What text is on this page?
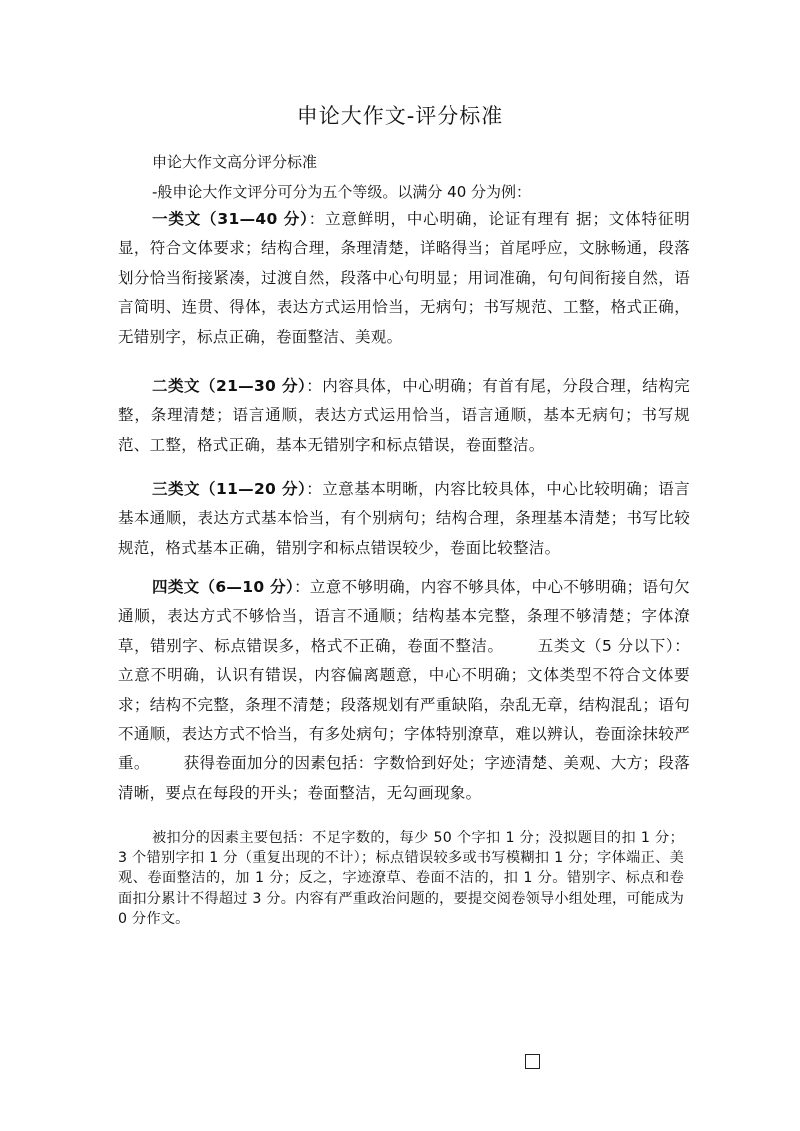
申论大作文-评分标准
申论大作文高分评分标准
-般申论大作文评分可分为五个等级。以满分 40 分为例：
一类文（31—40 分）：立意鲜明，中心明确，论证有理有 据；文体特征明显，符合文体要求；结构合理，条理清楚，详略得当；首尾呼应，文脉畅通，段落划分恰当衔接紧凑，过渡自然，段落中心句明显；用词准确，句句间衔接自然，语言简明、连贯、得体，表达方式运用恰当，无病句；书写规范、工整，格式正确，无错别字，标点正确，卷面整洁、美观。
二类文（21—30 分）：内容具体，中心明确；有首有尾，分段合理，结构完整，条理清楚；语言通顺，表达方式运用恰当，语言通顺，基本无病句；书写规范、工整，格式正确，基本无错别字和标点错误，卷面整洁。
三类文（11—20 分）：立意基本明晰，内容比较具体，中心比较明确；语言基本通顺，表达方式基本恰当，有个别病句；结构合理，条理基本清楚；书写比较规范，格式基本正确，错别字和标点错误较少，卷面比较整洁。
四类文（6—10 分）：立意不够明确，内容不够具体，中心不够明确；语句欠通顺，表达方式不够恰当，语言不通顺；结构基本完整，条理不够清楚；字体潦草，错别字、标点错误多，格式不正确，卷面不整洁。 五类文（5 分以下）：立意不明确，认识有错误，内容偏离题意，中心不明确；文体类型不符合文体要求；结构不完整，条理不清楚；段落规划有严重缺陷，杂乱无章，结构混乱；语句不通顺，表达方式不恰当，有多处病句；字体特别潦草，难以辨认，卷面涂抹较严重。 获得卷面加分的因素包括：字数恰到好处；字迹清楚、美观、大方；段落清晰，要点在每段的开头；卷面整洁，无勾画现象。
被扣分的因素主要包括：不足字数的，每少 50 个字扣 1 分；没拟题目的扣 1 分；3 个错别字扣 1 分（重复出现的不计）；标点错误较多或书写模糊扣 1 分；字体端正、美观、卷面整洁的，加 1 分；反之，字迹潦草、卷面不洁的，扣 1 分。错别字、标点和卷面扣分累计不得超过 3 分。内容有严重政治问题的，要提交阅卷领导小组处理，可能成为 0 分作文。
